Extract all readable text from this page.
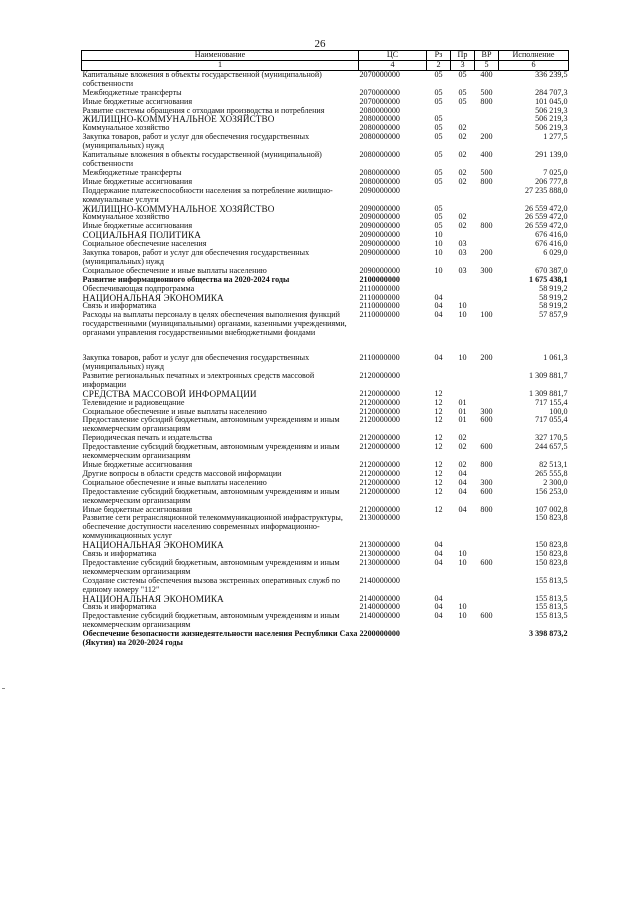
26
Наименование	ЦС	Рз	Пр	ВР	Исполнение
1	4	2	3	5	6
Капитальные вложения в объекты государственной (муниципальной) собственности	2070000000	05	05	400	336 239,5
Межбюджетные трансферты	2070000000	05	05	500	284 707,3
Иные бюджетные ассигнования	2070000000	05	05	800	101 045,0
Развитие системы обращения с отходами производства и потребления	2080000000				506 219,3
ЖИЛИЩНО-КОММУНАЛЬНОЕ ХОЗЯЙСТВО	2080000000	05			506 219,3
Коммунальное хозяйство	2080000000	05	02		506 219,3
Закупка товаров, работ и услуг для обеспечения государственных (муниципальных) нужд	2080000000	05	02	200	1 277,5
Капитальные вложения в объекты государственной (муниципальной) собственности	2080000000	05	02	400	291 139,0
Межбюджетные трансферты	2080000000	05	02	500	7 025,0
Иные бюджетные ассигнования	2080000000	05	02	800	206 777,8
Поддержание платежеспособности населения за потребление жилищно-коммунальные услуги	2090000000				27 235 888,0
ЖИЛИЩНО-КОММУНАЛЬНОЕ ХОЗЯЙСТВО	2090000000	05			26 559 472,0
Коммунальное хозяйство	2090000000	05	02		26 559 472,0
Иные бюджетные ассигнования	2090000000	05	02	800	26 559 472,0
СОЦИАЛЬНАЯ ПОЛИТИКА	2090000000	10			676 416,0
Социальное обеспечение населения	2090000000	10	03		676 416,0
Закупка товаров, работ и услуг для обеспечения государственных (муниципальных) нужд	2090000000	10	03	200	6 029,0
Социальное обеспечение и иные выплаты населению	2090000000	10	03	300	670 387,0
Развитие информационного общества на 2020-2024 годы	2100000000				1 675 438,1
Обеспечивающая подпрограмма	2110000000				58 919,2
НАЦИОНАЛЬНАЯ ЭКОНОМИКА	2110000000	04			58 919,2
Связь и информатика	2110000000	04	10		58 919,2
Расходы на выплаты персоналу в целях обеспечения выполнения функций государственными (муниципальными) органами, казенными учреждениями, органами управления государственными внебюджетными фондами	2110000000	04	10	100	57 857,9

Закупка товаров, работ и услуг для обеспечения государственных (муниципальных) нужд	2110000000	04	10	200	1 061,3
Развитие региональных печатных и электронных средств массовой информации	2120000000				1 309 881,7
СРЕДСТВА МАССОВОЙ ИНФОРМАЦИИ	2120000000	12			1 309 881,7
Телевидение и радиовещание	2120000000	12	01		717 155,4
Социальное обеспечение и иные выплаты населению	2120000000	12	01	300	100,0
Предоставление субсидий бюджетным, автономным учреждениям и иным некоммерческим организациям	2120000000	12	01	600	717 055,4
Периодическая печать и издательства	2120000000	12	02		327 170,5
Предоставление субсидий бюджетным, автономным учреждениям и иным некоммерческим организациям	2120000000	12	02	600	244 657,5
Иные бюджетные ассигнования	2120000000	12	02	800	82 513,1
Другие вопросы в области средств массовой информации	2120000000	12	04		265 555,8
Социальное обеспечение и иные выплаты населению	2120000000	12	04	300	2 300,0
Предоставление субсидий бюджетным, автономным учреждениям и иным некоммерческим организациям	2120000000	12	04	600	156 253,0
Иные бюджетные ассигнования	2120000000	12	04	800	107 002,8
Развитие сети ретрансляционной телекоммуникационной инфраструктуры, обеспечение доступности населению современных информационно-коммуникационных услуг	2130000000				150 823,8
НАЦИОНАЛЬНАЯ ЭКОНОМИКА	2130000000	04			150 823,8
Связь и информатика	2130000000	04	10		150 823,8
Предоставление субсидий бюджетным, автономным учреждениям и иным некоммерческим организациям	2130000000	04	10	600	150 823,8
Создание системы обеспечения вызова экстренных оперативных служб по единому номеру "112"	2140000000				155 813,5
НАЦИОНАЛЬНАЯ ЭКОНОМИКА	2140000000	04			155 813,5
Связь и информатика	2140000000	04	10		155 813,5
Предоставление субсидий бюджетным, автономным учреждениям и иным некоммерческим организациям	2140000000	04	10	600	155 813,5
Обеспечение безопасности жизнедеятельности населения Республики Саха (Якутия) на 2020-2024 годы	2200000000				3 398 873,2
